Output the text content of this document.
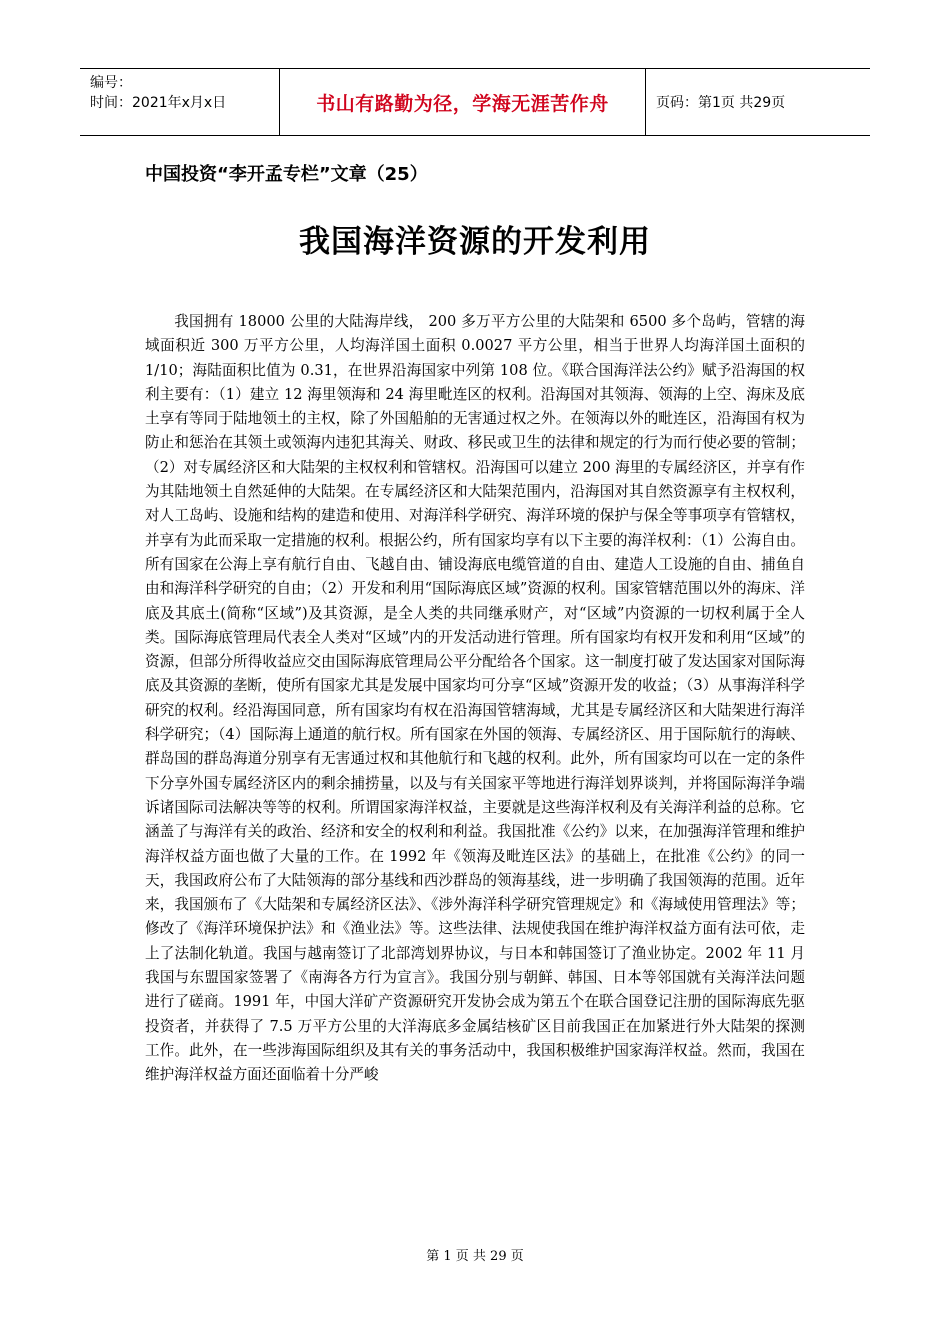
编号：
时间：2021年x月x日	书山有路勤为径，学海无涯苦作舟	页码：第1页 共29页
中国投资“李开孟专栏”文章（25）
我国海洋资源的开发利用

我国拥有 18000 公里的大陆海岸线， 200 多万平方公里的大陆架和 6500 多个岛屿，管辖的海域面积近 300 万平方公里，人均海洋国土面积 0.0027 平方公里，相当于世界人均海洋国土面积的 1/10；海陆面积比值为 0.31，在世界沿海国家中列第 108 位。《联合国海洋法公约》赋予沿海国的权利主要有：（1）建立 12 海里领海和 24 海里毗连区的权利。沿海国对其领海、领海的上空、海床及底土享有等同于陆地领土的主权，除了外国船舶的无害通过权之外。在领海以外的毗连区，沿海国有权为防止和惩治在其领土或领海内违犯其海关、财政、移民或卫生的法律和规定的行为而行使必要的管制；（2）对专属经济区和大陆架的主权权利和管辖权。沿海国可以建立 200 海里的专属经济区，并享有作为其陆地领土自然延伸的大陆架。在专属经济区和大陆架范围内，沿海国对其自然资源享有主权权利，对人工岛屿、设施和结构的建造和使用、对海洋科学研究、海洋环境的保护与保全等事项享有管辖权，并享有为此而采取一定措施的权利。根据公约，所有国家均享有以下主要的海洋权利：（1）公海自由。所有国家在公海上享有航行自由、飞越自由、铺设海底电缆管道的自由、建造人工设施的自由、捕鱼自由和海洋科学研究的自由；（2）开发和利用“国际海底区域”资源的权利。国家管辖范围以外的海床、洋底及其底土(简称“区域”)及其资源，是全人类的共同继承财产，对“区域”内资源的一切权利属于全人类。国际海底管理局代表全人类对“区域”内的开发活动进行管理。所有国家均有权开发和利用“区域”的资源，但部分所得收益应交由国际海底管理局公平分配给各个国家。这一制度打破了发达国家对国际海底及其资源的垄断，使所有国家尤其是发展中国家均可分享“区域”资源开发的收益；（3）从事海洋科学研究的权利。经沿海国同意，所有国家均有权在沿海国管辖海域，尤其是专属经济区和大陆架进行海洋科学研究；（4）国际海上通道的航行权。所有国家在外国的领海、专属经济区、用于国际航行的海峡、群岛国的群岛海道分别享有无害通过权和其他航行和飞越的权利。此外，所有国家均可以在一定的条件下分享外国专属经济区内的剩余捕捞量，以及与有关国家平等地进行海洋划界谈判，并将国际海洋争端诉诸国际司法解决等等的权利。所谓国家海洋权益，主要就是这些海洋权利及有关海洋利益的总称。它涵盖了与海洋有关的政治、经济和安全的权利和利益。我国批准《公约》以来，在加强海洋管理和维护海洋权益方面也做了大量的工作。在 1992 年《领海及毗连区法》的基础上，在批准《公约》的同一天，我国政府公布了大陆领海的部分基线和西沙群岛的领海基线，进一步明确了我国领海的范围。近年来，我国颁布了《大陆架和专属经济区法》、《涉外海洋科学研究管理规定》和《海域使用管理法》等；修改了《海洋环境保护法》和《渔业法》等。这些法律、法规使我国在维护海洋权益方面有法可依，走上了法制化轨道。我国与越南签订了北部湾划界协议，与日本和韩国签订了渔业协定。2002 年 11 月我国与东盟国家签署了《南海各方行为宣言》。我国分别与朝鲜、韩国、日本等邻国就有关海洋法问题进行了磋商。1991 年，中国大洋矿产资源研究开发协会成为第五个在联合国登记注册的国际海底先驱投资者，并获得了 7.5 万平方公里的大洋海底多金属结核矿区目前我国正在加紧进行外大陆架的探测工作。此外，在一些涉海国际组织及其有关的事务活动中，我国积极维护国家海洋权益。然而，我国在维护海洋权益方面还面临着十分严峻

第 1 页 共 29 页
